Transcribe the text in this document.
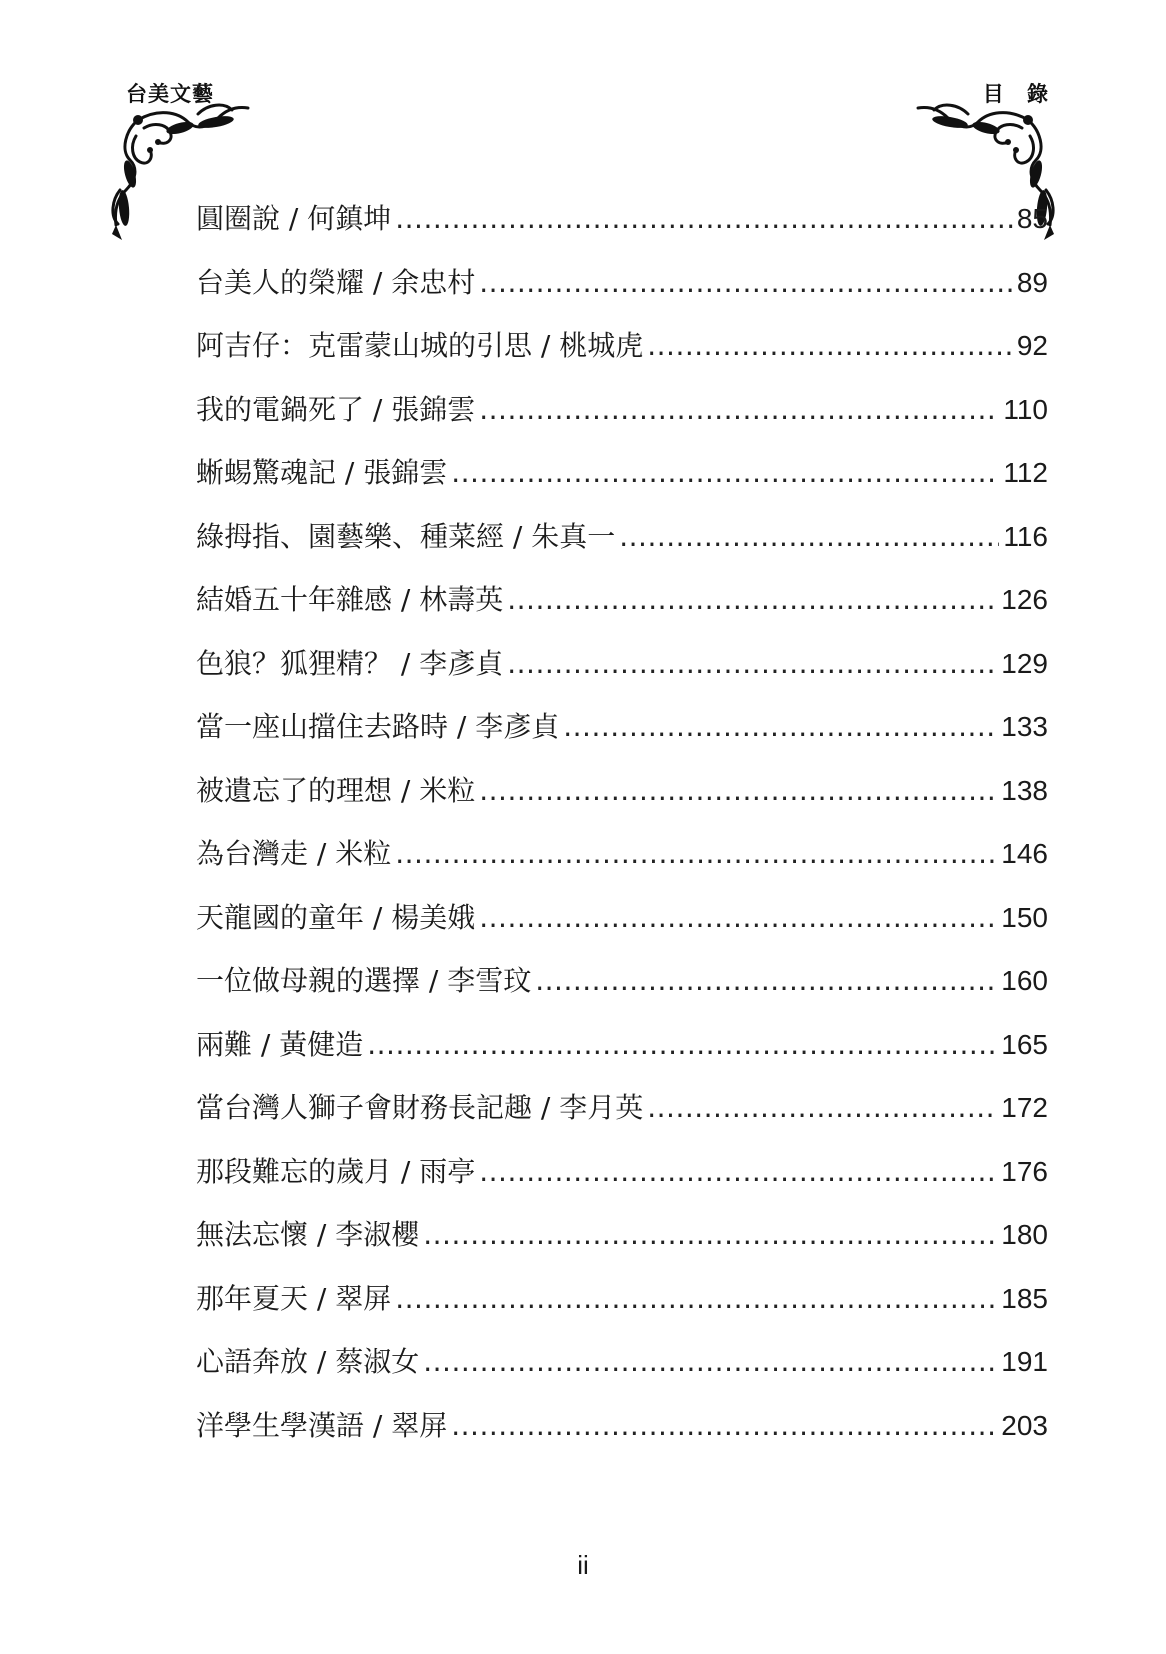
台美文藝	目 錄
圓圈說 / 何鎮坤 .....	85
台美人的榮耀 / 余忠村 .....	89
阿吉仔：克雷蒙山城的引思 / 桃城虎 .....	92
我的電鍋死了 / 張錦雲 .....	110
蜥蜴驚魂記 / 張錦雲 .....	112
綠拇指、園藝樂、種菜經 / 朱真一 .....	116
結婚五十年雜感 / 林壽英 .....	126
色狼？狐狸精？ / 李彥貞 .....	129
當一座山擋住去路時 / 李彥貞 .....	133
被遺忘了的理想 / 米粒 .....	138
為台灣走 / 米粒 .....	146
天龍國的童年 / 楊美娥 .....	150
一位做母親的選擇 / 李雪玟 .....	160
兩難 / 黃健造 .....	165
當台灣人獅子會財務長記趣 / 李月英 .....	172
那段難忘的歲月 / 雨亭 .....	176
無法忘懷 / 李淑櫻 .....	180
那年夏天 / 翠屏 .....	185
心語奔放 / 蔡淑女 .....	191
洋學生學漢語 / 翠屏 .....	203
ii
